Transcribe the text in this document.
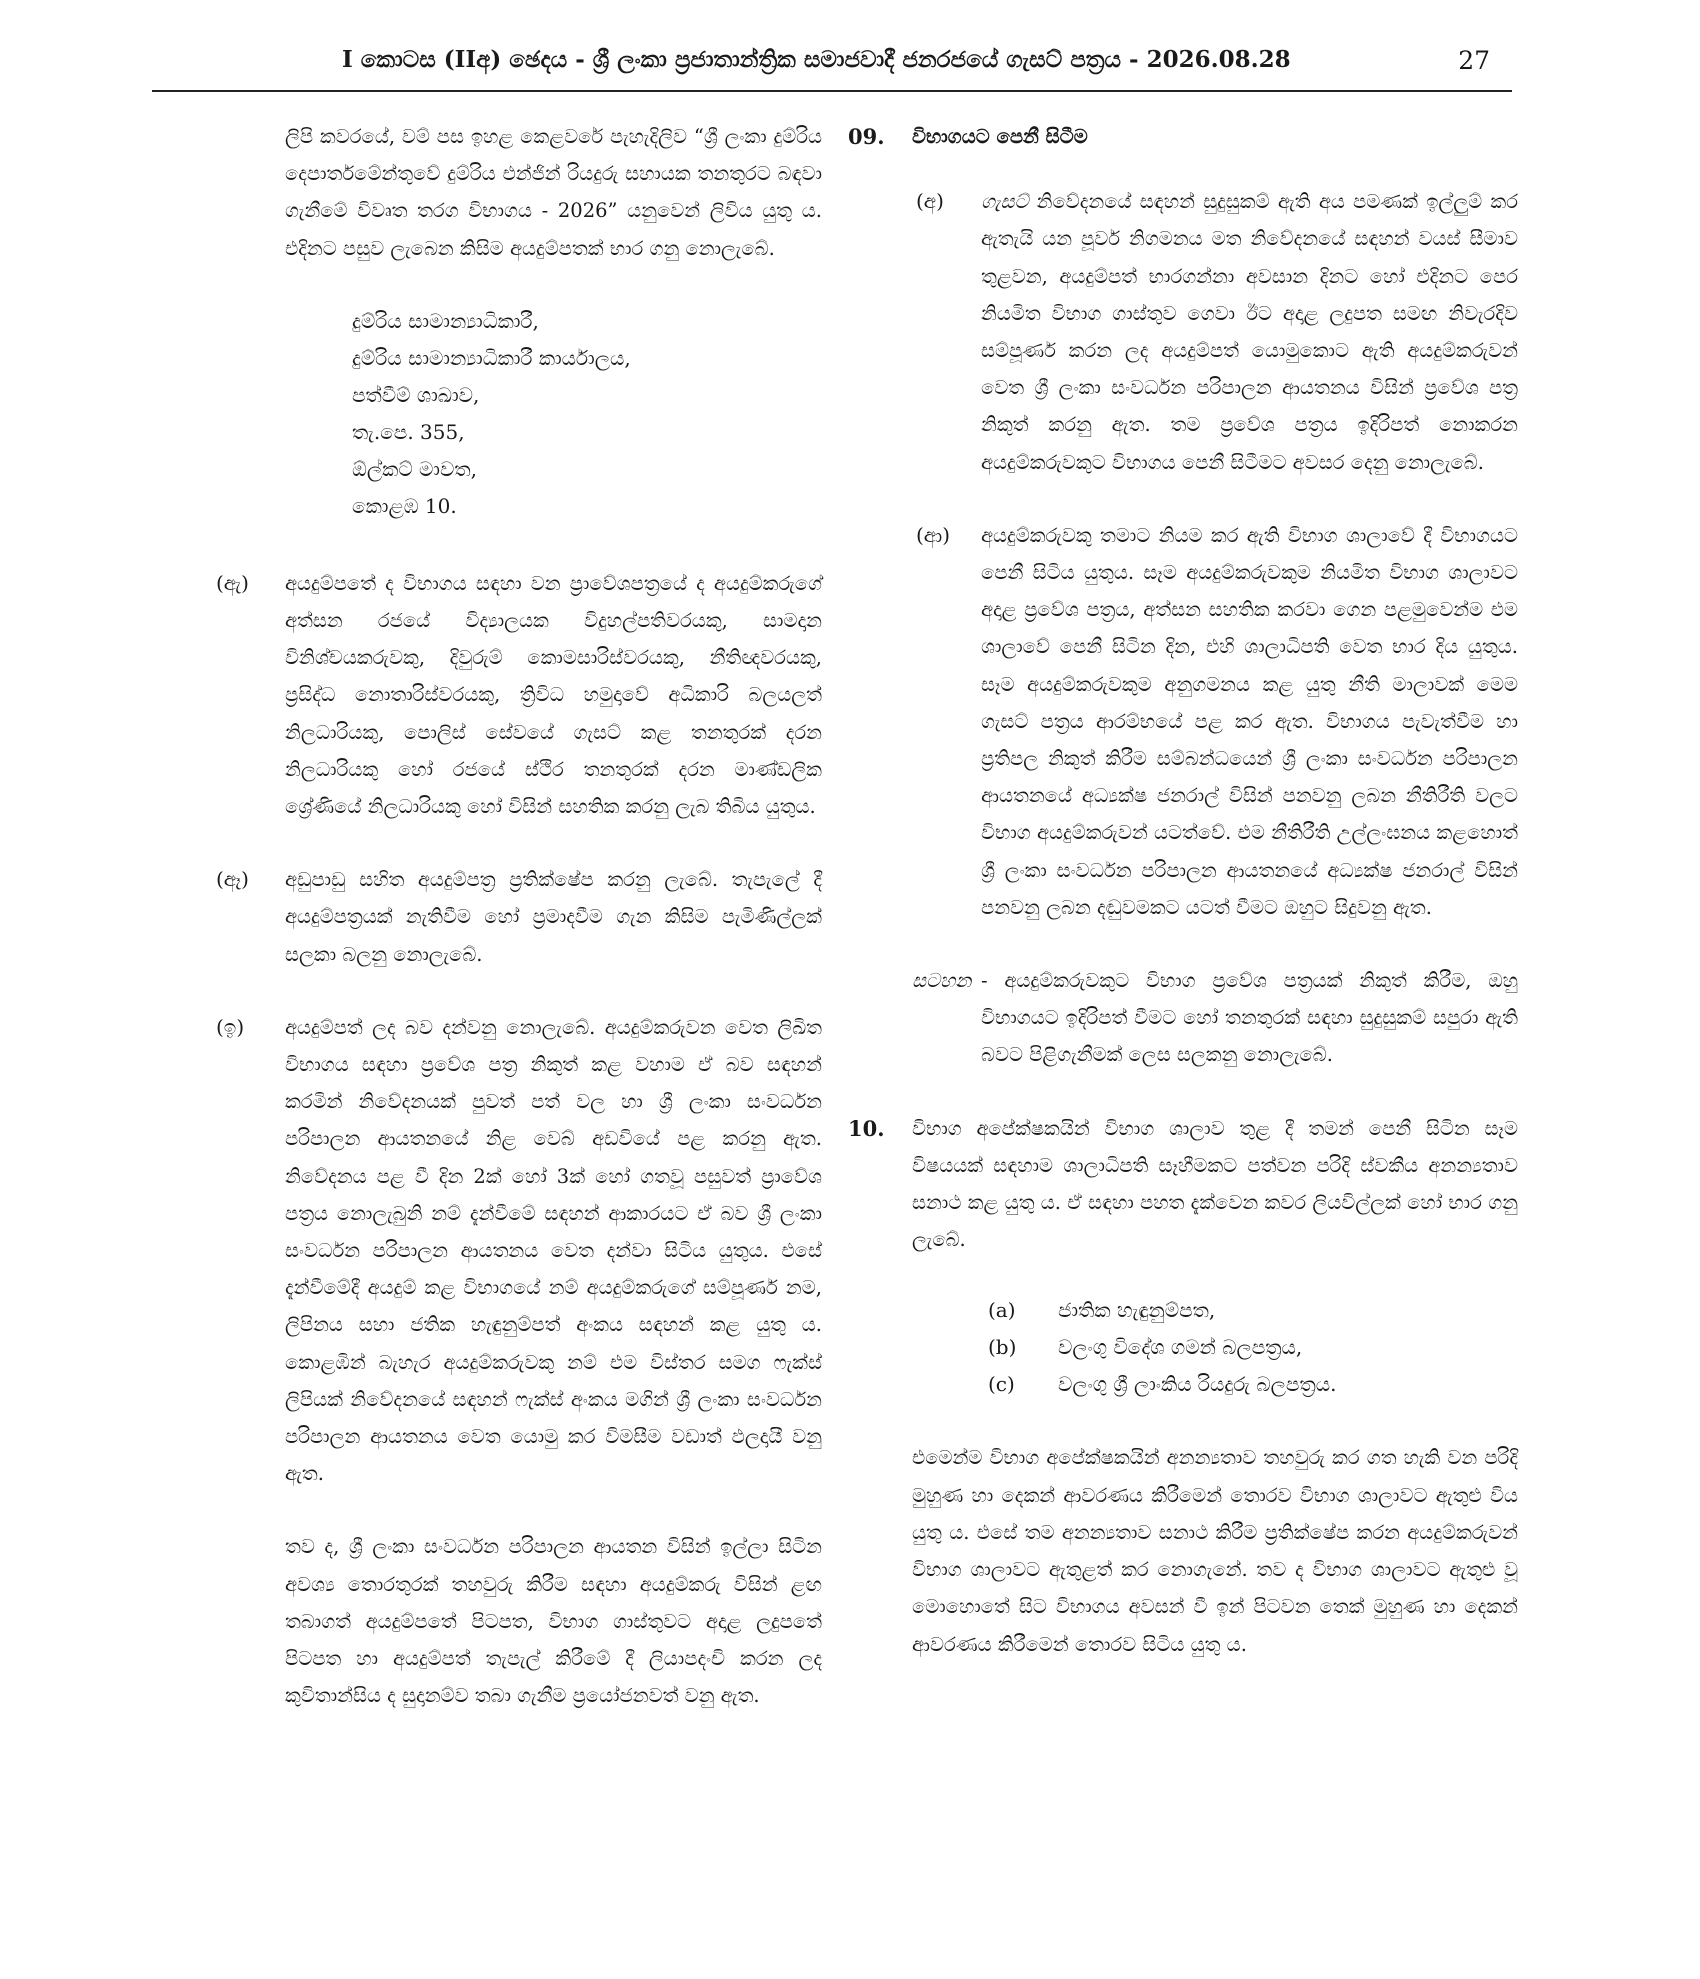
I කොටස (IIඅ) ඡෙදය - ශ්‍රී ලංකා ප්‍රජාතාන්ත්‍රික සමාජවාදී ජනරජයේ ගැසට් පත්‍රය - 2026.08.28	27
ලිපි කවරයේ, වම් පස ඉහළ කෙළවරේ පැහැදිලිව “ශ්‍රී ලංකා දුම්රිය දෙපාර්තමේන්තුවේ දුම්රිය එන්ජින් රියදුරු සහායක තනතුරට බඳවා ගැනීමේ විවෘත තරග විභාගය - 2026” යනුවෙන් ලිවිය යුතු ය. එදිනට පසුව ලැබෙන කිසිම අයදුම්පතක් භාර ගනු නොලැබේ.
දුම්රිය සාමාන්‍යාධිකාරී,
දුම්රිය සාමාන්‍යාධිකාරී කාර්යාලය,
පත්වීම් ශාඛාව,
තැ.පෙ. 355,
ඕල්කට් මාවත,
කොළඹ 10.
(ඇ) අයදුම්පතේ ද විභාගය සඳහා වන ප්‍රාවේශපත්‍රයේ ද අයදුම්කරුගේ අත්සන රජයේ විද්‍යාලයක විදුහල්පතිවරයකු, සාමදාන විනිශ්චයකරුවකු, දිවුරුම් කොමසාරිස්වරයකු, නීතිඥවරයකු, ප්‍රසිද්ධ නොතාරිස්වරයකු, ත්‍රිවිධ හමුදාවේ අධිකාරි බලයලත් නිලධාරියකු, පොලිස් සේවයේ ගැසට් කළ තනතුරක් දරන නිලධාරියකු හෝ රජයේ ස්ථිර තනතුරක් දරන මාණ්ඩලික ශ්‍රේණියේ නිලධාරියකු හෝ විසින් සහතික කරනු ලැබ තිබිය යුතුය.
(ඈ) අඩුපාඩු සහිත අයදුම්පත්‍ර ප්‍රතික්ෂේප කරනු ලැබේ. තැපැලේ දී අයදුම්පත්‍රයක් නැතිවීම හෝ ප්‍රමාදවීම ගැන කිසිම පැමිණිල්ලක් සලකා බලනු නොලැබේ.
(ඉ) අයදුම්පත් ලද බව දන්වනු නොලැබේ. අයදුම්කරුවන වෙත ලිඛිත විභාගය සඳහා ප්‍රවේශ පත්‍ර නිකුත් කළ වහාම ඒ බව සඳහන් කරමින් නිවේදනයක් පුවත් පත් වල හා ශ්‍රී ලංකා සංවර්ධන පරිපාලන ආයතනයේ නිළ වෙබ් අඩවියේ පළ කරනු ඇත. නිවේදනය පළ වී දින 2ක් හෝ 3ක් හෝ ගතවූ පසුවත් ප්‍රාවේශ පත්‍රය නොලැබුනි නම් දැන්වීමේ සඳහන් ආකාරයට ඒ බව ශ්‍රී ලංකා සංවර්ධන පරිපාලන ආයතනය වෙත දන්වා සිටිය යුතුය. එසේ දැන්වීමේදී අයදුම් කළ විභාගයේ නම් අයදුම්කරුගේ සම්පූර්ණ නම, ලිපිනය සහා ජතික හැඳුනුම්පත් අංකය සඳහන් කළ යුතු ය. කොළඹින් බැහැර අයදුම්කරුවකු නම් එම විස්තර සමග ෆැක්ස් ලිපියක් නිවේදනයේ සඳහන් ෆැක්ස් අංකය මගින් ශ්‍රී ලංකා සංවර්ධන පරිපාලන ආයතනය වෙත යොමු කර විමසීම වඩාත් ඵලදායී වනු ඇත.
තව ද, ශ්‍රී ලංකා සංවර්ධන පරිපාලන ආයතන විසින් ඉල්ලා සිටින අවශ්‍ය තොරතුරක් තහවුරු කිරීම සඳහා අයදුම්කරු විසින් ළඟ තබාගත් අයදුම්පතේ පිටපත, විභාග ගාස්තුවට අදාළ ලදුපතේ පිටපත හා අයදුම්පත් තැපැල් කිරීමේ දී ලියාපදංචි කරන ලද කුවිතාන්සිය ද සුදානම්ව තබා ගැනීම ප්‍රයෝජනවත් වනු ඇත.
09. විභාගයට පෙනී සිටීම
(අ) ගැසට් නිවේදනයේ සඳහන් සුදුසුකම් ඇති අය පමණක් ඉල්ලුම් කර ඇතැයි යන පූර්ව නිගමනය මත නිවේදනයේ සඳහන් වයස් සීමාව තුළවන, අයදුම්පත් භාරගන්නා අවසාන දිනට හෝ එදිනට පෙර නියමිත විභාග ගාස්තුව ගෙවා ඊට අදාළ ලදුපත සමඟ නිවැරදිව සම්පූර්ණ කරන ලද අයදුම්පත් යොමුකොට ඇති අයදුම්කරුවන් වෙත ශ්‍රී ලංකා සංවර්ධන පරිපාලන ආයතනය විසින් ප්‍රවේශ පත්‍ර නිකුත් කරනු ඇත. තම ප්‍රවේශ පත්‍රය ඉදිරිපත් නොකරන අයදුම්කරුවකුට විභාගය පෙනී සිටීමට අවසර දෙනු නොලැබේ.
(ආ) අයදුම්කරුවකු තමාට නියම කර ඇති විභාග ශාලාවේ දී විභාගයට පෙනී සිටිය යුතුය. සෑම අයදුම්කරුවකුම නියමිත විභාග ශාලාවට අදාළ ප්‍රවේශ පත්‍රය, අත්සන සහතික කරවා ගෙන පළමුවෙන්ම එම ශාලාවේ පෙනී සිටින දින, එහි ශාලාධිපති වෙත භාර දිය යුතුය. සෑම අයදුම්කරුවකුම අනුගමනය කළ යුතු නීති මාලාවක් මෙම ගැසට් පත්‍රය ආරම්භයේ පළ කර ඇත. විභාගය පැවැත්වීම හා ප්‍රතිපල නිකුත් කිරීම සම්බන්ධයෙන් ශ්‍රී ලංකා සංවර්ධන පරිපාලන ආයතනයේ අධ්‍යක්ෂ ජනරාල් විසින් පනවනු ලබන නීතිරීති වලට විභාග අයදුම්කරුවන් යටත්වේ. එම නීතිරීති උල්ලංඝනය කළහොත් ශ්‍රී ලංකා සංවර්ධන පරිපාලන ආයතනයේ අධ්‍යක්ෂ ජනරාල් විසින් පනවනු ලබන දඬුවමකට යටත් වීමට ඔහුට සිදුවනු ඇත.
සටහන - අයදුම්කරුවකුට විභාග ප්‍රවේශ පත්‍රයක් නිකුත් කිරීම, ඔහු විභාගයට ඉදිරිපත් වීමට හෝ තනතුරක් සඳහා සුදුසුකම් සපුරා ඇති බවට පිළිගැනීමක් ලෙස සලකනු නොලැබේ.
10. විභාග අපේක්ෂකයින් විභාග ශාලාව තුළ දී තමන් පෙනී සිටින සෑම විෂයයක් සඳහාම ශාලාධිපති සෑහීමකට පත්වන පරිදි ස්වකීය අනන්‍යතාව සනාථ කළ යුතු ය. ඒ සඳහා පහත දැක්වෙන කවර ලියවිල්ලක් හෝ භාර ගනු ලැබේ.
(a) ජාතික හැඳුනුම්පත,
(b) වලංගු විදේශ ගමන් බලපත්‍රය,
(c) වලංගු ශ්‍රී ලාංකිය රියදුරු බලපත්‍රය.
එමෙන්ම විභාග අපේක්ෂකයින් අනන්‍යතාව තහවුරු කර ගත හැකි වන පරිදි මුහුණ හා දෙකන් ආවරණය කිරීමෙන් තොරව විභාග ශාලාවට ඇතුළු විය යුතු ය. එසේ තම අනන්‍යතාව සනාථ කිරීම ප්‍රතික්ෂේප කරන අයදුම්කරුවන් විභාග ශාලාවට ඇතුළත් කර නොගැනේ. තව ද විභාග ශාලාවට ඇතුළු වූ මොහොතේ සිට විභාගය අවසන් වී ඉන් පිටවන තෙක් මුහුණ හා දෙකන් ආවරණය කිරීමෙන් තොරව සිටිය යුතු ය.
